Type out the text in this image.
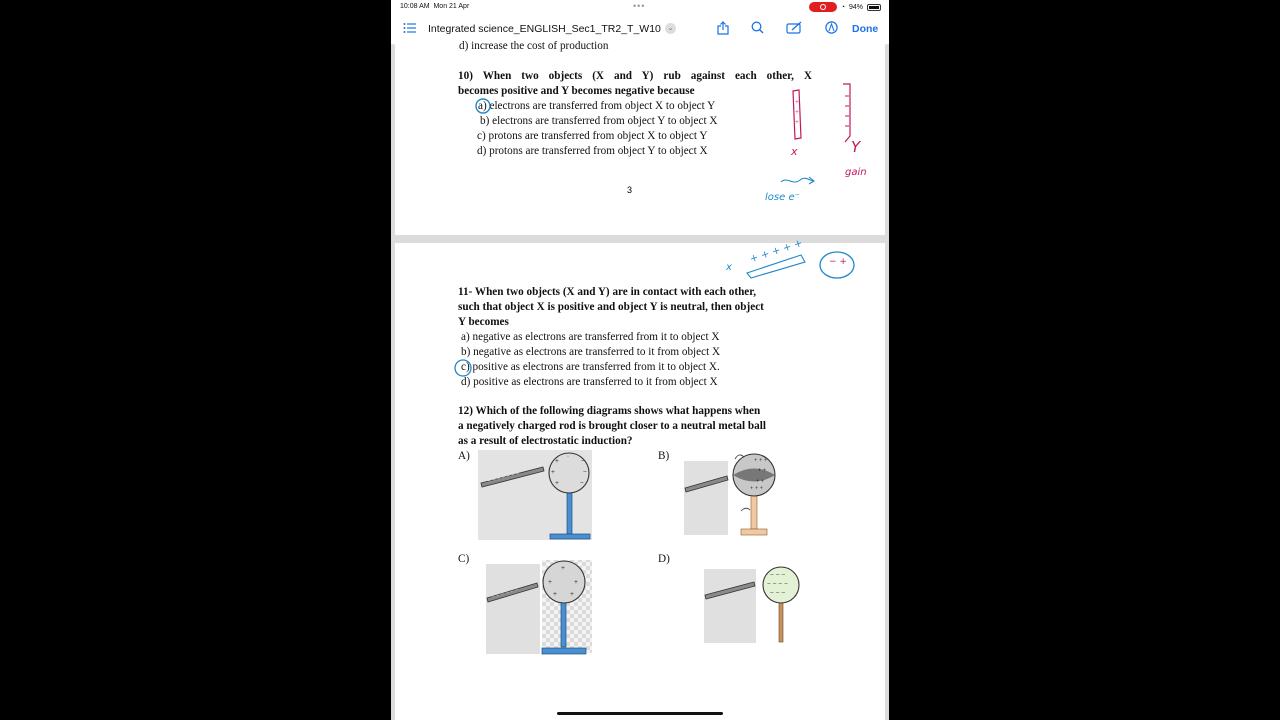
10:08 AM Mon 21 Apr	•••	◔ 94%
Integrated science_ENGLISH_Sec1_TR2_T_W10 ⌄	Done
d) increase the cost of production
10) When two objects (X and Y) rub against each other, X
becomes positive and Y becomes negative because
a) electrons are transferred from object X to object Y
b) electrons are transferred from object Y to object X
c) protons are transferred from object X to object Y
d) protons are transferred from object Y to object X
+
+
+
x	Y
gain
lose e⁻
3
x
+ + + + +	− +
11- When two objects (X and Y) are in contact with each other,
such that object X is positive and object Y is neutral, then object
Y becomes
a) negative as electrons are transferred from it to object X
b) negative as electrons are transferred to it from object X
c) positive as electrons are transferred from it to object X.
d) positive as electrons are transferred to it from object X
12) Which of the following diagrams shows what happens when
a negatively charged rod is brought closer to a neutral metal ball
as a result of electrostatic induction?
A)	B)
C)	D)
− − − − − − −
+	−
+	−
+	−
·
+ + +
+ +
+ +
+ + +
− − − − − −
+
+	+
+ +
− − −
− − − −
− − −
